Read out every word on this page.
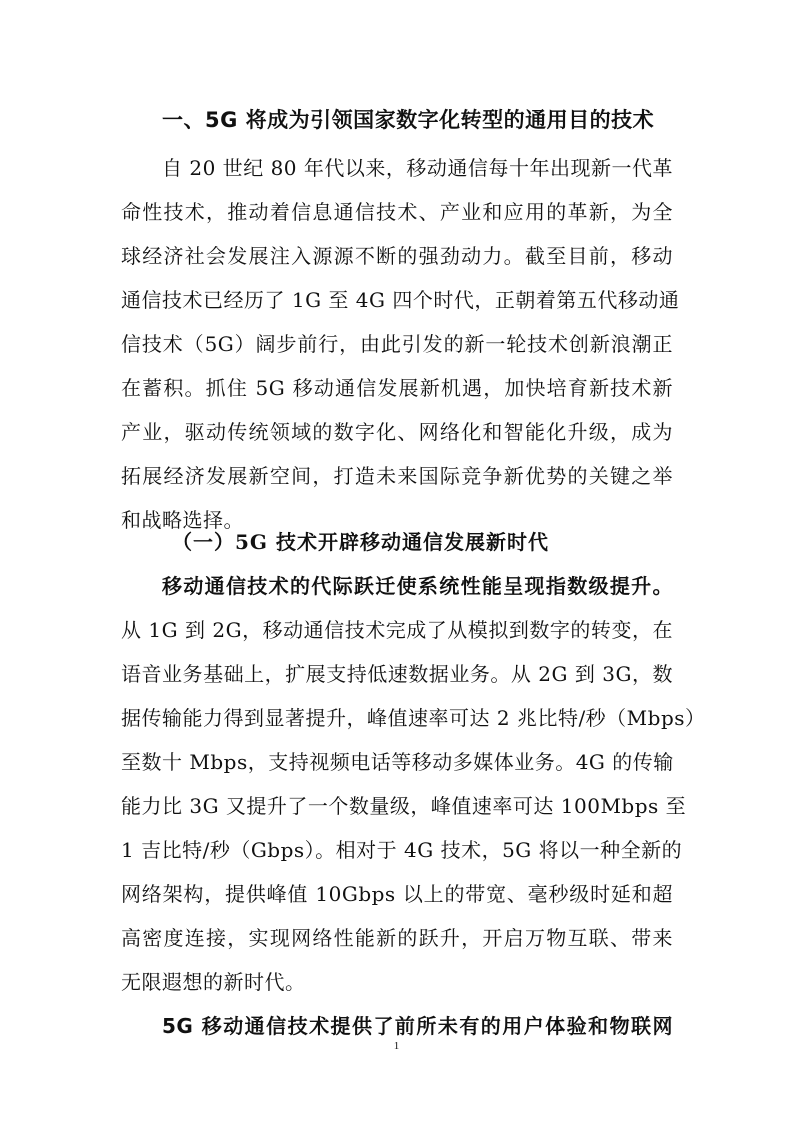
一、5G 将成为引领国家数字化转型的通用目的技术
自 20 世纪 80 年代以来，移动通信每十年出现新一代革
命性技术，推动着信息通信技术、产业和应用的革新，为全
球经济社会发展注入源源不断的强劲动力。截至目前，移动
通信技术已经历了 1G 至 4G 四个时代，正朝着第五代移动通
信技术（5G）阔步前行，由此引发的新一轮技术创新浪潮正
在蓄积。抓住 5G 移动通信发展新机遇，加快培育新技术新
产业，驱动传统领域的数字化、网络化和智能化升级，成为
拓展经济发展新空间，打造未来国际竞争新优势的关键之举
和战略选择。
（一）5G 技术开辟移动通信发展新时代
移动通信技术的代际跃迁使系统性能呈现指数级提升。
从 1G 到 2G，移动通信技术完成了从模拟到数字的转变，在
语音业务基础上，扩展支持低速数据业务。从 2G 到 3G，数
据传输能力得到显著提升，峰值速率可达 2 兆比特/秒（Mbps）
至数十 Mbps，支持视频电话等移动多媒体业务。4G 的传输
能力比 3G 又提升了一个数量级，峰值速率可达 100Mbps 至
1 吉比特/秒（Gbps）。相对于 4G 技术，5G 将以一种全新的
网络架构，提供峰值 10Gbps 以上的带宽、毫秒级时延和超
高密度连接，实现网络性能新的跃升，开启万物互联、带来
无限遐想的新时代。
5G 移动通信技术提供了前所未有的用户体验和物联网
1
